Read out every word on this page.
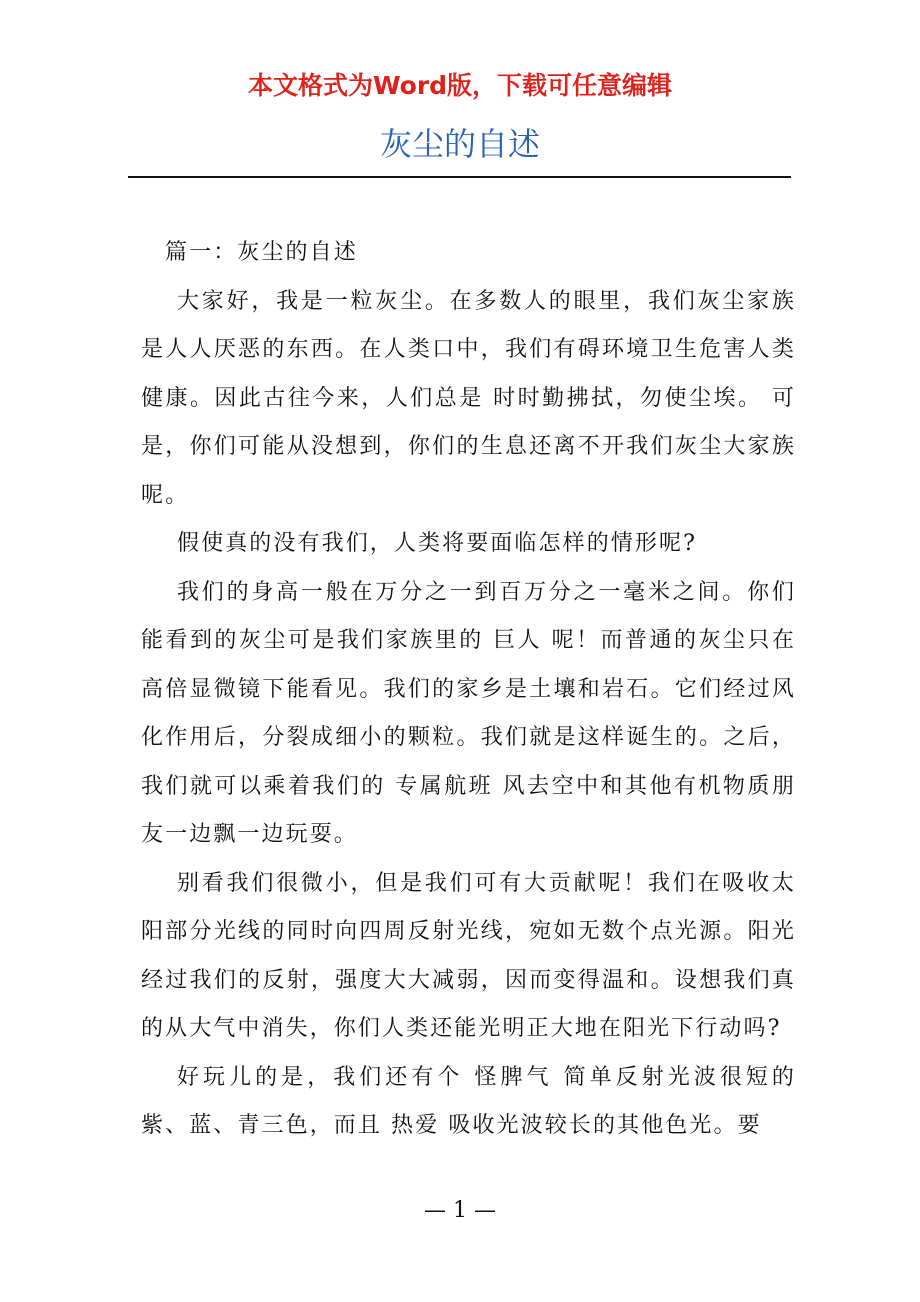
本文格式为Word版，下载可任意编辑
灰尘的自述

篇一：灰尘的自述

大家好，我是一粒灰尘。在多数人的眼里，我们灰尘家族是人人厌恶的东西。在人类口中，我们有碍环境卫生危害人类健康。因此古往今来，人们总是 时时勤拂拭，勿使尘埃。 可是，你们可能从没想到，你们的生息还离不开我们灰尘大家族呢。

假使真的没有我们，人类将要面临怎样的情形呢?

我们的身高一般在万分之一到百万分之一毫米之间。你们能看到的灰尘可是我们家族里的 巨人 呢！而普通的灰尘只在高倍显微镜下能看见。我们的家乡是土壤和岩石。它们经过风化作用后，分裂成细小的颗粒。我们就是这样诞生的。之后，我们就可以乘着我们的 专属航班 风去空中和其他有机物质朋友一边飘一边玩耍。

别看我们很微小，但是我们可有大贡献呢！我们在吸收太阳部分光线的同时向四周反射光线，宛如无数个点光源。阳光经过我们的反射，强度大大减弱，因而变得温和。设想我们真的从大气中消失，你们人类还能光明正大地在阳光下行动吗?

好玩儿的是，我们还有个 怪脾气 简单反射光波很短的紫、蓝、青三色，而且 热爱 吸收光波较长的其他色光。要

— 1 —
